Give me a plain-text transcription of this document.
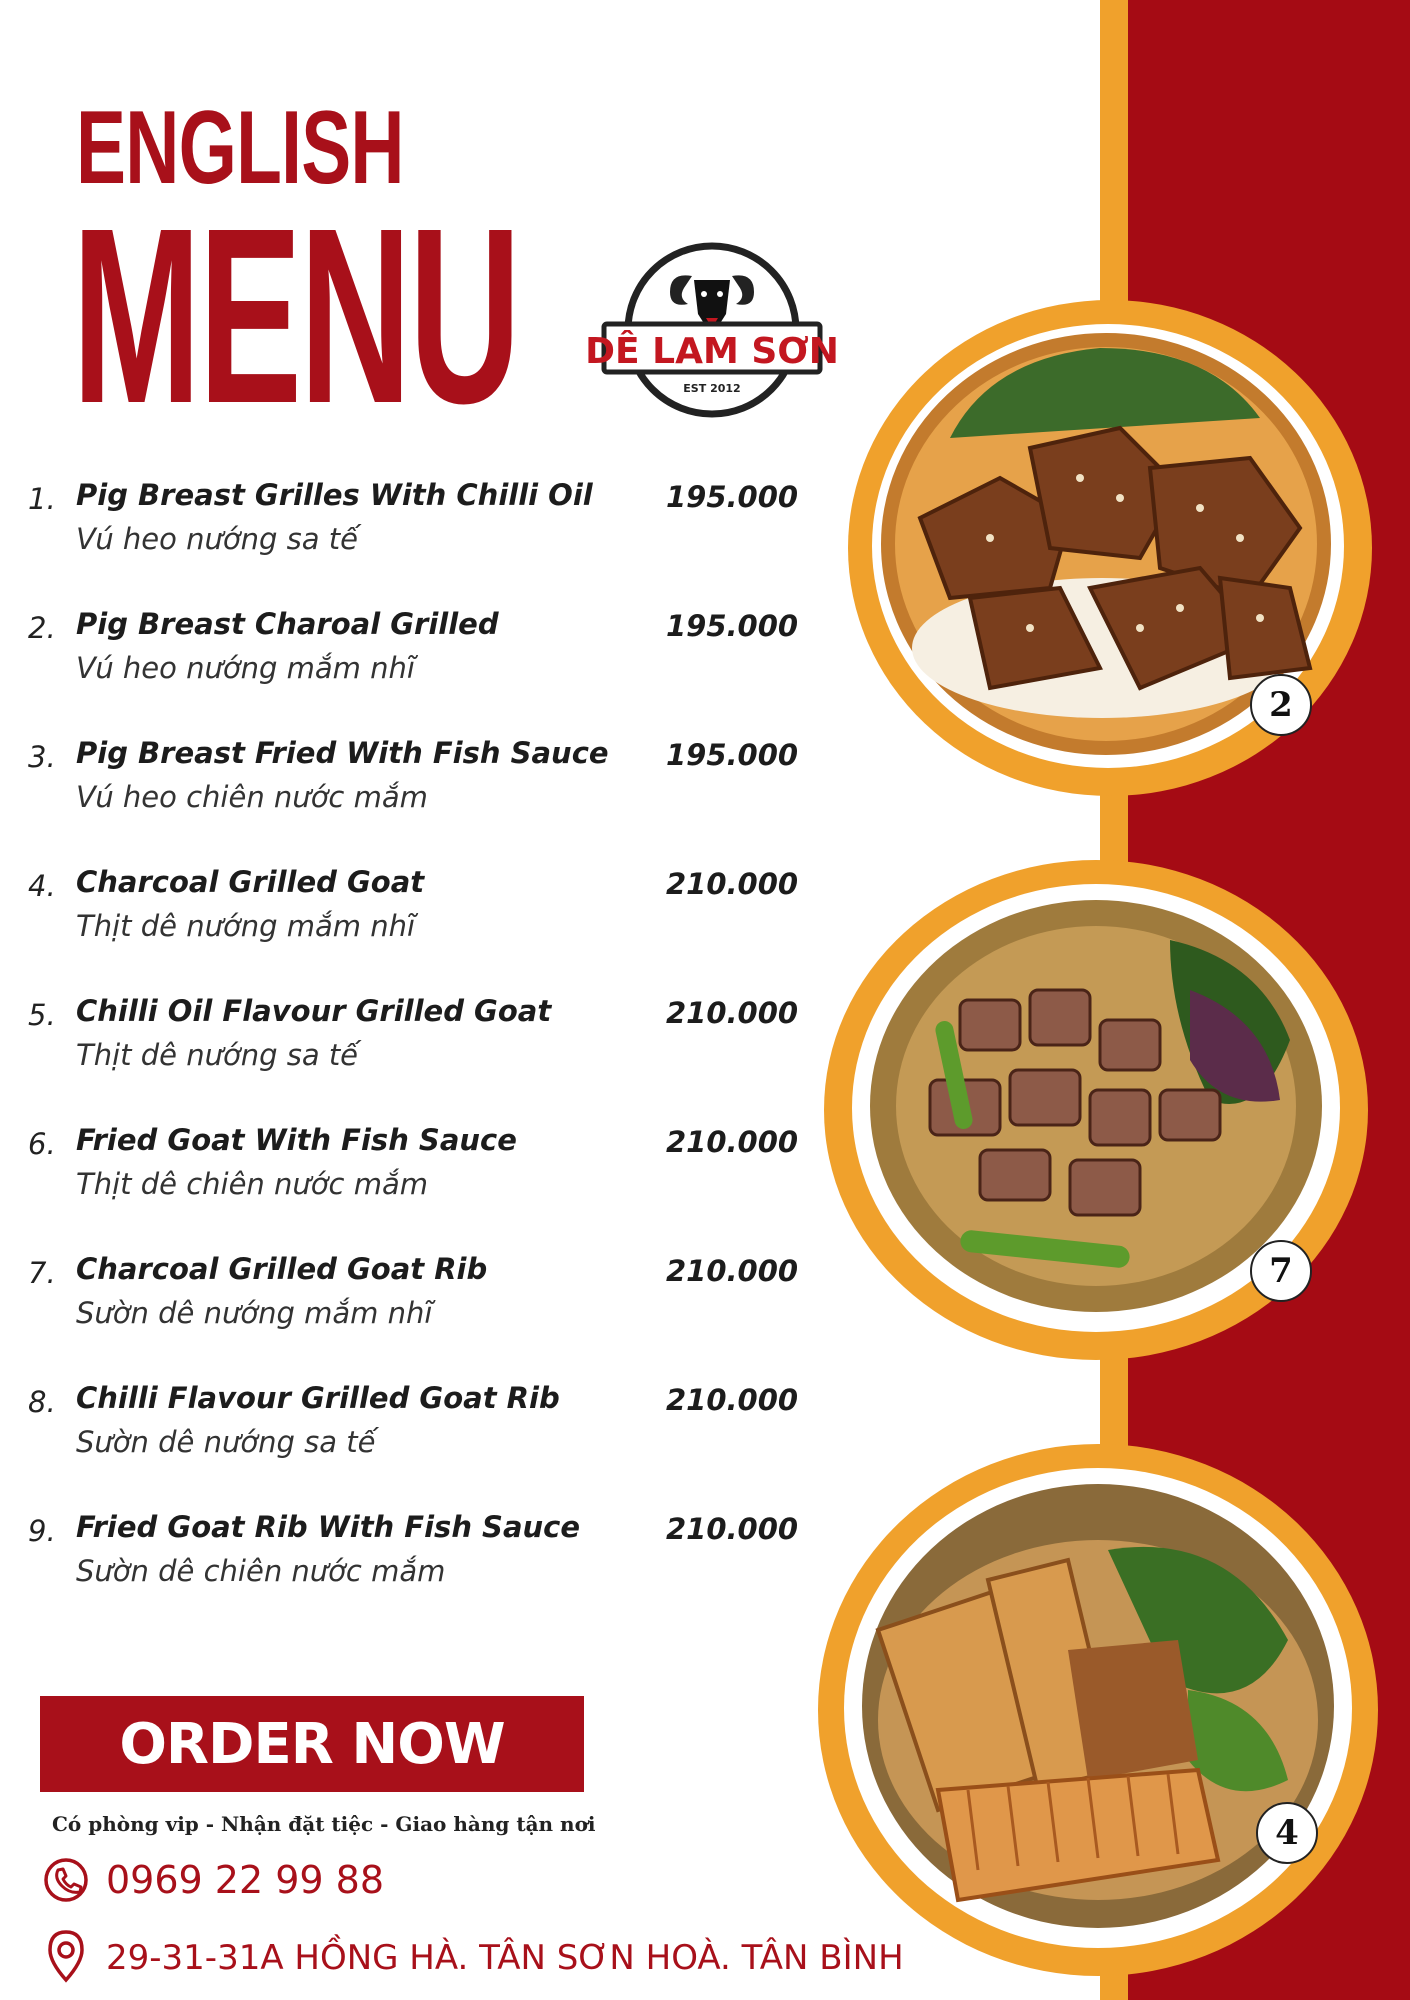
ENGLISH
MENU DÊ LAM SƠN
EST 2012
1. Pig Breast Grilles With Chilli Oil
Vú heo nướng sa tế
195.000
2. Pig Breast Charoal Grilled
Vú heo nướng mắm nhĩ
195.000
3. Pig Breast Fried With Fish Sauce
Vú heo chiên nước mắm
195.000
4. Charcoal Grilled Goat
Thịt dê nướng mắm nhĩ
210.000
5. Chilli Oil Flavour Grilled Goat
Thịt dê nướng sa tế
210.000
6. Fried Goat With Fish Sauce
Thịt dê chiên nước mắm
210.000
7. Charcoal Grilled Goat Rib
Sườn dê nướng mắm nhĩ
210.000
8. Chilli Flavour Grilled Goat Rib
Sườn dê nướng sa tế
210.000
9. Fried Goat Rib With Fish Sauce
Sườn dê chiên nước mắm
210.000
2
7
4
ORDER NOW
Có phòng vip - Nhận đặt tiệc - Giao hàng tận nơi
0969 22 99 88
29-31-31A HỒNG HÀ. TÂN SƠN HOÀ. TÂN BÌNH
